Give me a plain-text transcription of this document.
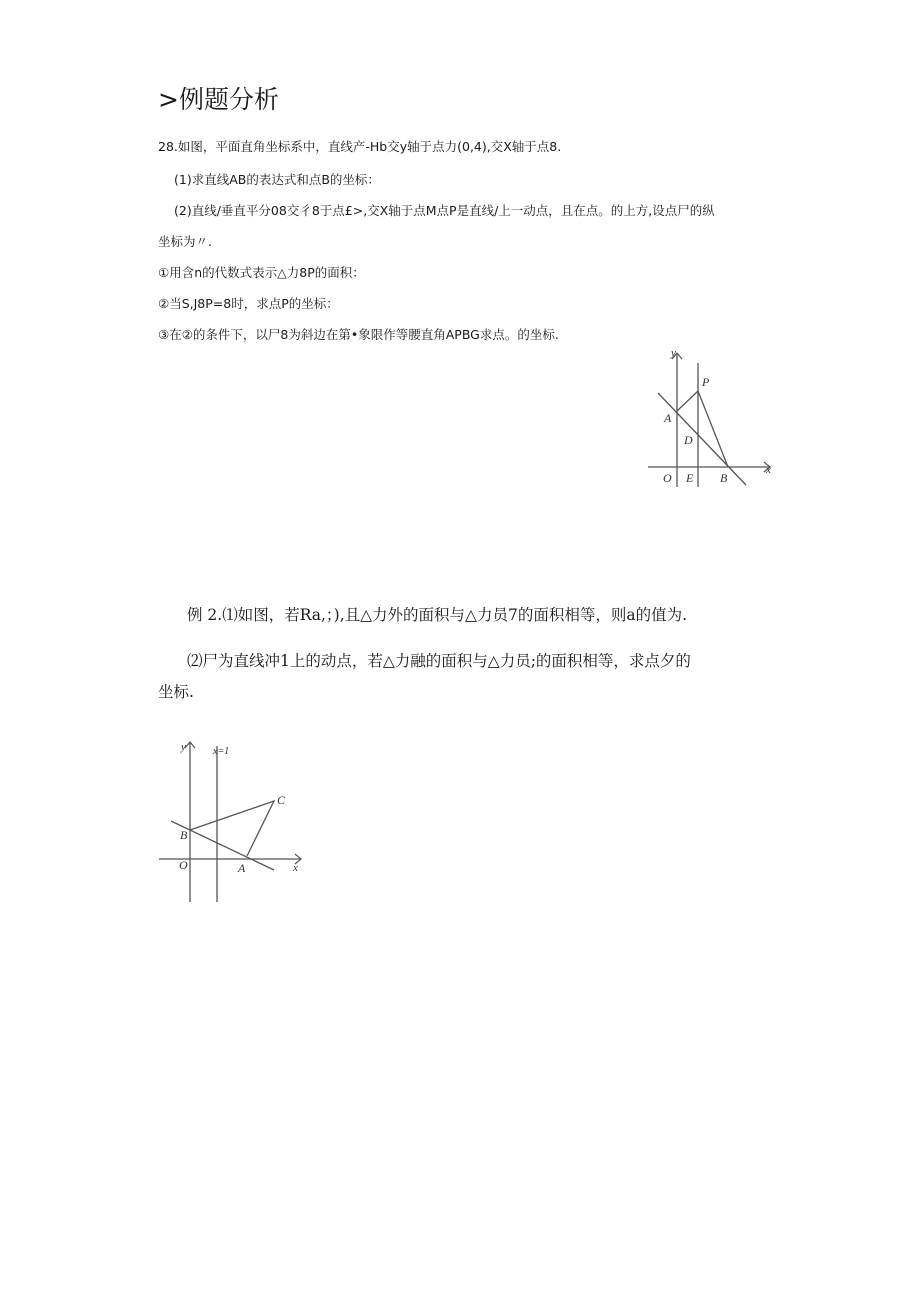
>例题分析
28.如图，平面直角坐标系中，直线产-Hb交y轴于点力(0,4),交X轴于点8.
(1)求直线AB的表达式和点B的坐标：
(2)直线/垂直平分08交彳8于点£>,交X轴于点M点P是直线/上一动点，且在点。的上方,设点尸的纵
坐标为〃.
①用含n的代数式表示△力8P的面积：
②当S,J8P=8时，求点P的坐标：
③在②的条件下，以尸8为斜边在第•象限作等腰直角APBG求点。的坐标.
y
x
P
A
D
O E B
例 2.⑴如图，若Ra,；),且△力外的面积与△力员7的面积相等，则a的值为.
⑵尸为直线冲1上的动点，若△力融的面积与△力员;的面积相等，求点夕的
坐标.
y	x=1
C
B
O	A	x
